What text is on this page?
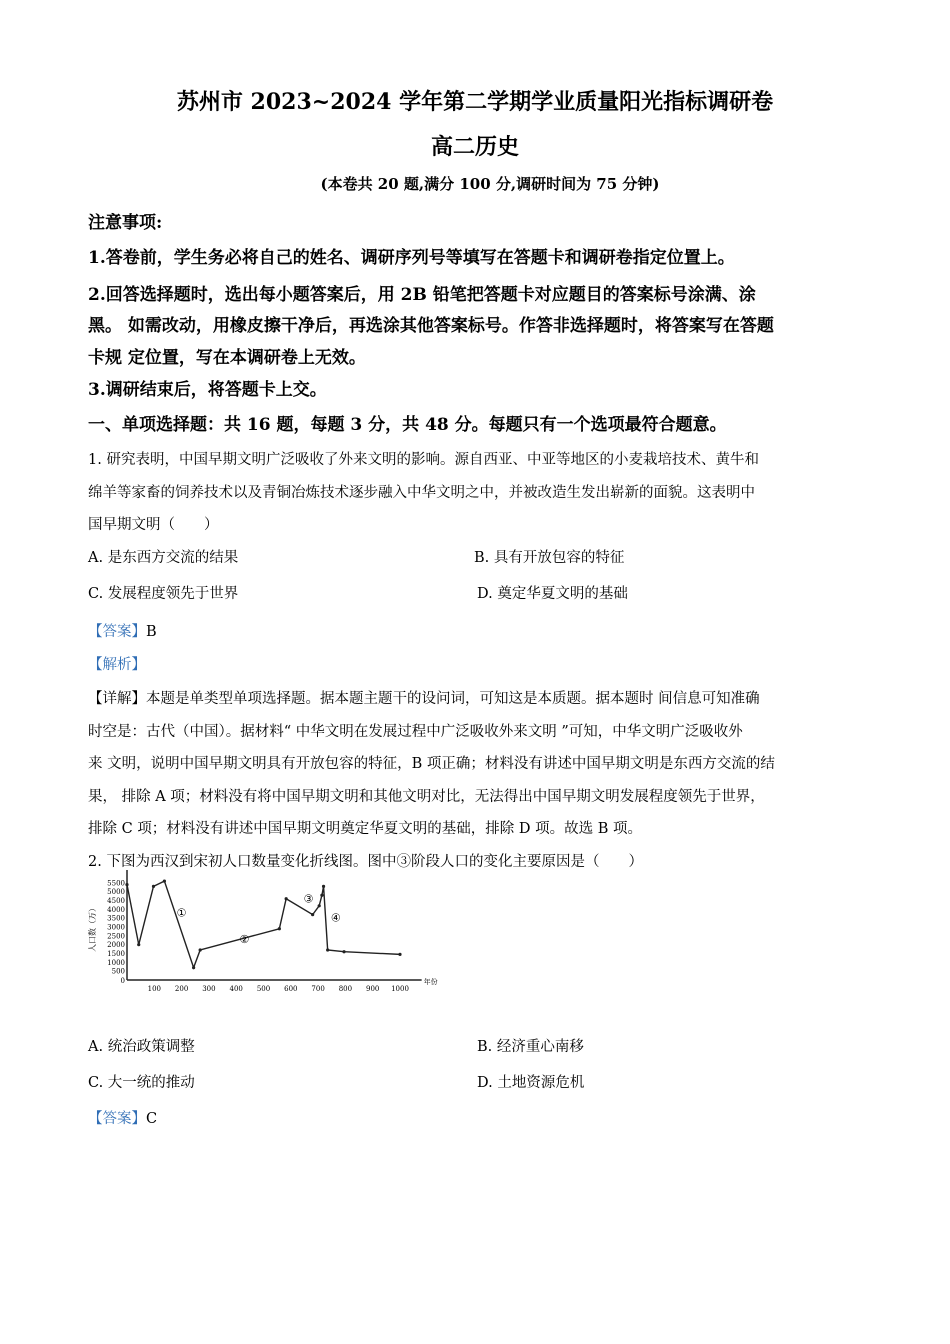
苏州市 2023~2024 学年第二学期学业质量阳光指标调研卷
高二历史
(本卷共 20 题,满分 100 分,调研时间为 75 分钟)
注意事项:
1.答卷前，学生务必将自己的姓名、调研序列号等填写在答题卡和调研卷指定位置上。
2.回答选择题时，选出每小题答案后，用 2B 铅笔把答题卡对应题目的答案标号涂满、涂
黑。 如需改动，用橡皮擦干净后，再选涂其他答案标号。作答非选择题时，将答案写在答题
卡规 定位置，写在本调研卷上无效。
3.调研结束后，将答题卡上交。
一、单项选择题：共 16 题，每题 3 分，共 48 分。每题只有一个选项最符合题意。
1. 研究表明，中国早期文明广泛吸收了外来文明的影响。源自西亚、中亚等地区的小麦栽培技术、黄牛和
绵羊等家畜的饲养技术以及青铜冶炼技术逐步融入中华文明之中，并被改造生发出崭新的面貌。这表明中
国早期文明（　　）
A. 是东西方交流的结果	B. 具有开放包容的特征
C. 发展程度领先于世界	D. 奠定华夏文明的基础
【答案】B
【解析】
【详解】本题是单类型单项选择题。据本题主题干的设问词，可知这是本质题。据本题时 间信息可知准确
时空是：古代（中国）。据材料“ 中华文明在发展过程中广泛吸收外来文明 ”可知，中华文明广泛吸收外
来 文明，说明中国早期文明具有开放包容的特征，B 项正确；材料没有讲述中国早期文明是东西方交流的结
果， 排除 A 项；材料没有将中国早期文明和其他文明对比，无法得出中国早期文明发展程度领先于世界，
排除 C 项；材料没有讲述中国早期文明奠定华夏文明的基础，排除 D 项。故选 B 项。
2. 下图为西汉到宋初人口数量变化折线图。图中③阶段人口的变化主要原因是（　　）
100 200 300 400 500 600 700 800 900 1000
500
1000
1500
2000
2500
3000
3500
4000
4500
5000
5500
0	年份
人口数（万）	①
②
③
④
A. 统治政策调整	B. 经济重心南移
C. 大一统的推动	D. 土地资源危机
【答案】C
